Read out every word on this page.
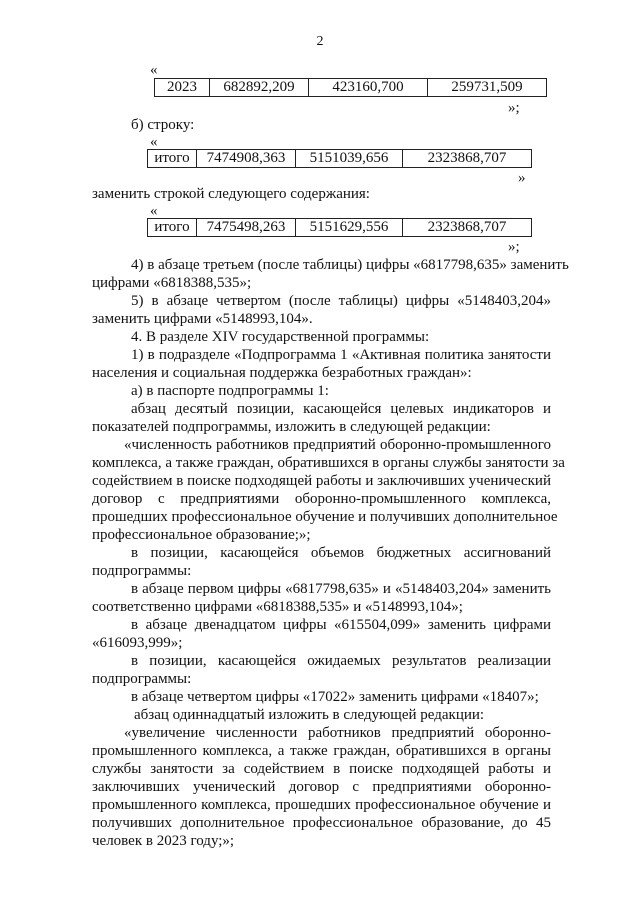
2
«
2023	682892,209	423160,700	259731,509
»;
б) строку:
«
итого	7474908,363	5151039,656	2323868,707
»
заменить строкой следующего содержания:
«
итого	7475498,263	5151629,556	2323868,707
»;
4) в абзаце третьем (после таблицы) цифры «6817798,635» заменить
цифрами «6818388,535»;
5) в абзаце четвертом (после таблицы) цифры «5148403,204»
заменить цифрами «5148993,104».
4. В разделе XIV государственной программы:
1) в подразделе «Подпрограмма 1 «Активная политика занятости
населения и социальная поддержка безработных граждан»:
а) в паспорте подпрограммы 1:
абзац десятый позиции, касающейся целевых индикаторов и
показателей подпрограммы, изложить в следующей редакции:
«численность работников предприятий оборонно-промышленного
комплекса, а также граждан, обратившихся в органы службы занятости за
содействием в поиске подходящей работы и заключивших ученический
договор с предприятиями оборонно-промышленного комплекса,
прошедших профессиональное обучение и получивших дополнительное
профессиональное образование;»;
в позиции, касающейся объемов бюджетных ассигнований
подпрограммы:
в абзаце первом цифры «6817798,635» и «5148403,204» заменить
соответственно цифрами «6818388,535» и «5148993,104»;
в абзаце двенадцатом цифры «615504,099» заменить цифрами
«616093,999»;
в позиции, касающейся ожидаемых результатов реализации
подпрограммы:
в абзаце четвертом цифры «17022» заменить цифрами «18407»;
абзац одиннадцатый изложить в следующей редакции:
«увеличение численности работников предприятий оборонно-
промышленного комплекса, а также граждан, обратившихся в органы
службы занятости за содействием в поиске подходящей работы и
заключивших ученический договор с предприятиями оборонно-
промышленного комплекса, прошедших профессиональное обучение и
получивших дополнительное профессиональное образование, до 45
человек в 2023 году;»;
